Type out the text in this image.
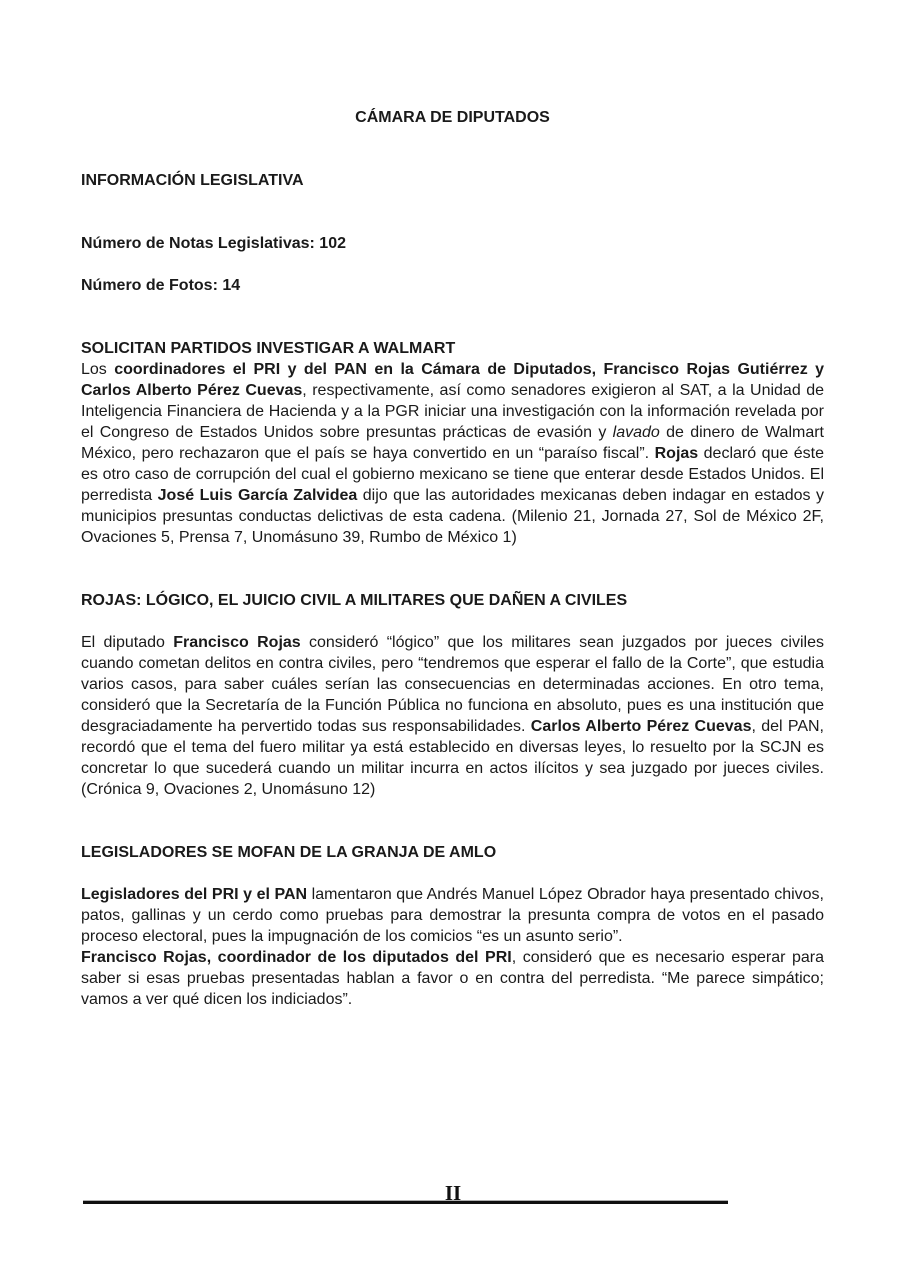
CÁMARA DE DIPUTADOS
INFORMACIÓN LEGISLATIVA
Número de Notas Legislativas: 102
Número de Fotos: 14
SOLICITAN PARTIDOS INVESTIGAR A WALMART

Los coordinadores el PRI y del PAN en la Cámara de Diputados, Francisco Rojas Gutiérrez y Carlos Alberto Pérez Cuevas, respectivamente, así como senadores exigieron al SAT, a la Unidad de Inteligencia Financiera de Hacienda y a la PGR iniciar una investigación con la información revelada por el Congreso de Estados Unidos sobre presuntas prácticas de evasión y lavado de dinero de Walmart México, pero rechazaron que el país se haya convertido en un “paraíso fiscal”. Rojas declaró que éste es otro caso de corrupción del cual el gobierno mexicano se tiene que enterar desde Estados Unidos. El perredista José Luis García Zalvidea dijo que las autoridades mexicanas deben indagar en estados y municipios presuntas conductas delictivas de esta cadena. (Milenio 21, Jornada 27, Sol de México 2F, Ovaciones 5, Prensa 7, Unomásuno 39, Rumbo de México 1)

ROJAS: LÓGICO, EL JUICIO CIVIL A MILITARES QUE DAÑEN A CIVILES

El diputado Francisco Rojas consideró “lógico” que los militares sean juzgados por jueces civiles cuando cometan delitos en contra civiles, pero “tendremos que esperar el fallo de la Corte”, que estudia varios casos, para saber cuáles serían las consecuencias en determinadas acciones. En otro tema, consideró que la Secretaría de la Función Pública no funciona en absoluto, pues es una institución que desgraciadamente ha pervertido todas sus responsabilidades. Carlos Alberto Pérez Cuevas, del PAN, recordó que el tema del fuero militar ya está establecido en diversas leyes, lo resuelto por la SCJN es concretar lo que sucederá cuando un militar incurra en actos ilícitos y sea juzgado por jueces civiles. (Crónica 9, Ovaciones 2, Unomásuno 12)

LEGISLADORES SE MOFAN DE LA GRANJA DE AMLO

Legisladores del PRI y el PAN lamentaron que Andrés Manuel López Obrador haya presentado chivos, patos, gallinas y un cerdo como pruebas para demostrar la presunta compra de votos en el pasado proceso electoral, pues la impugnación de los comicios “es un asunto serio”.

Francisco Rojas, coordinador de los diputados del PRI, consideró que es necesario esperar para saber si esas pruebas presentadas hablan a favor o en contra del perredista. “Me parece simpático; vamos a ver qué dicen los indiciados”.

II
